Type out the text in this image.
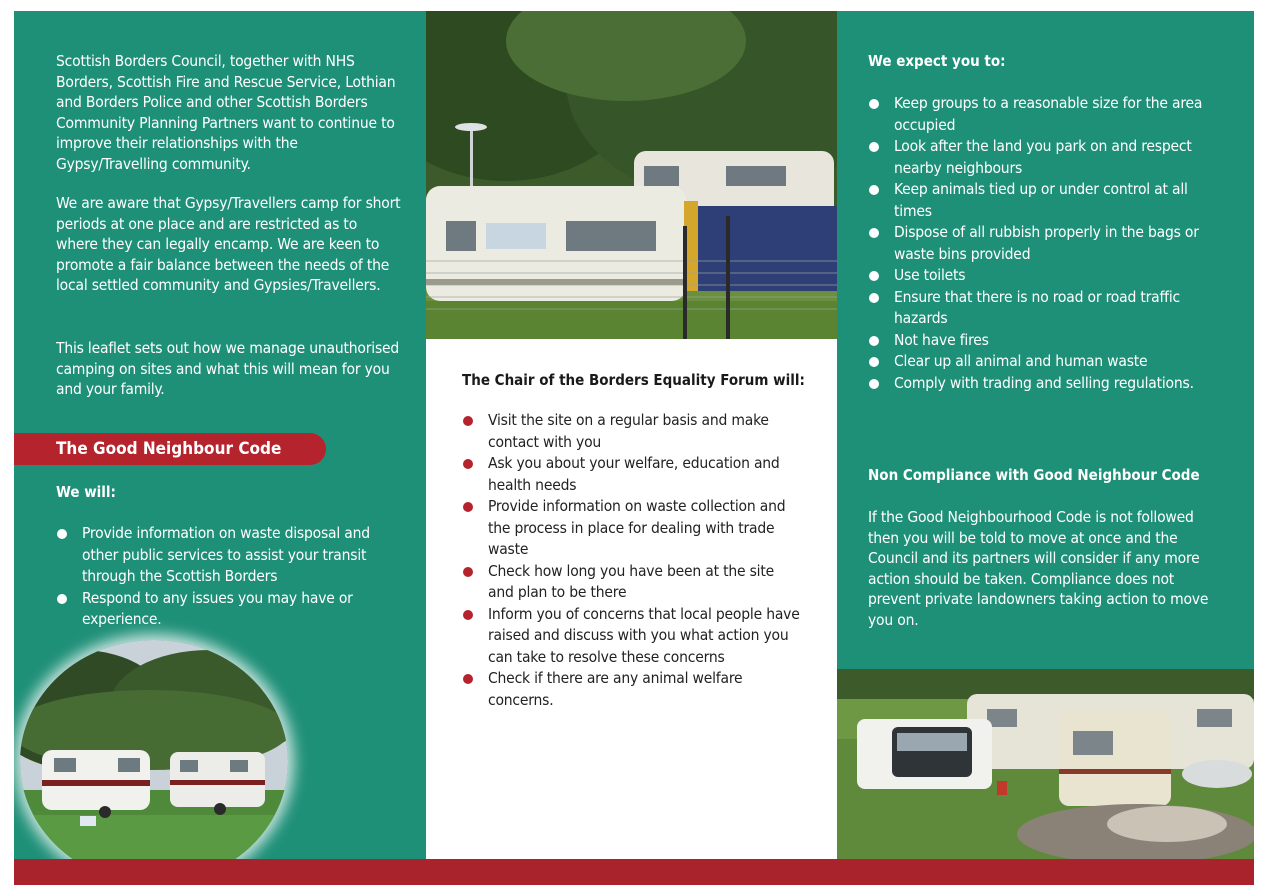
Scottish Borders Council, together with NHS Borders, Scottish Fire and Rescue Service, Lothian and Borders Police and other Scottish Borders Community Planning Partners want to continue to improve their relationships with the Gypsy/Travelling community.

We are aware that Gypsy/Travellers camp for short periods at one place and are restricted as to where they can legally encamp. We are keen to promote a fair balance between the needs of the local settled community and Gypsies/Travellers.

This leaflet sets out how we manage unauthorised camping on sites and what this will mean for you and your family.

The Good Neighbour Code
We will:
Provide information on waste disposal and other public services to assist your transit through the Scottish Borders
Respond to any issues you may have or experience.
The Chair of the Borders Equality Forum will:
Visit the site on a regular basis and make contact with you
Ask you about your welfare, education and health needs
Provide information on waste collection and the process in place for dealing with trade waste
Check how long you have been at the site and plan to be there
Inform you of concerns that local people have raised and discuss with you what action you can take to resolve these concerns
Check if there are any animal welfare concerns.
We expect you to:
Keep groups to a reasonable size for the area occupied
Look after the land you park on and respect nearby neighbours
Keep animals tied up or under control at all times
Dispose of all rubbish properly in the bags or waste bins provided
Use toilets
Ensure that there is no road or road traffic hazards
Not have fires
Clear up all animal and human waste
Comply with trading and selling regulations.
Non Compliance with Good Neighbour Code

If the Good Neighbourhood Code is not followed then you will be told to move at once and the Council and its partners will consider if any more action should be taken. Compliance does not prevent private landowners taking action to move you on.
